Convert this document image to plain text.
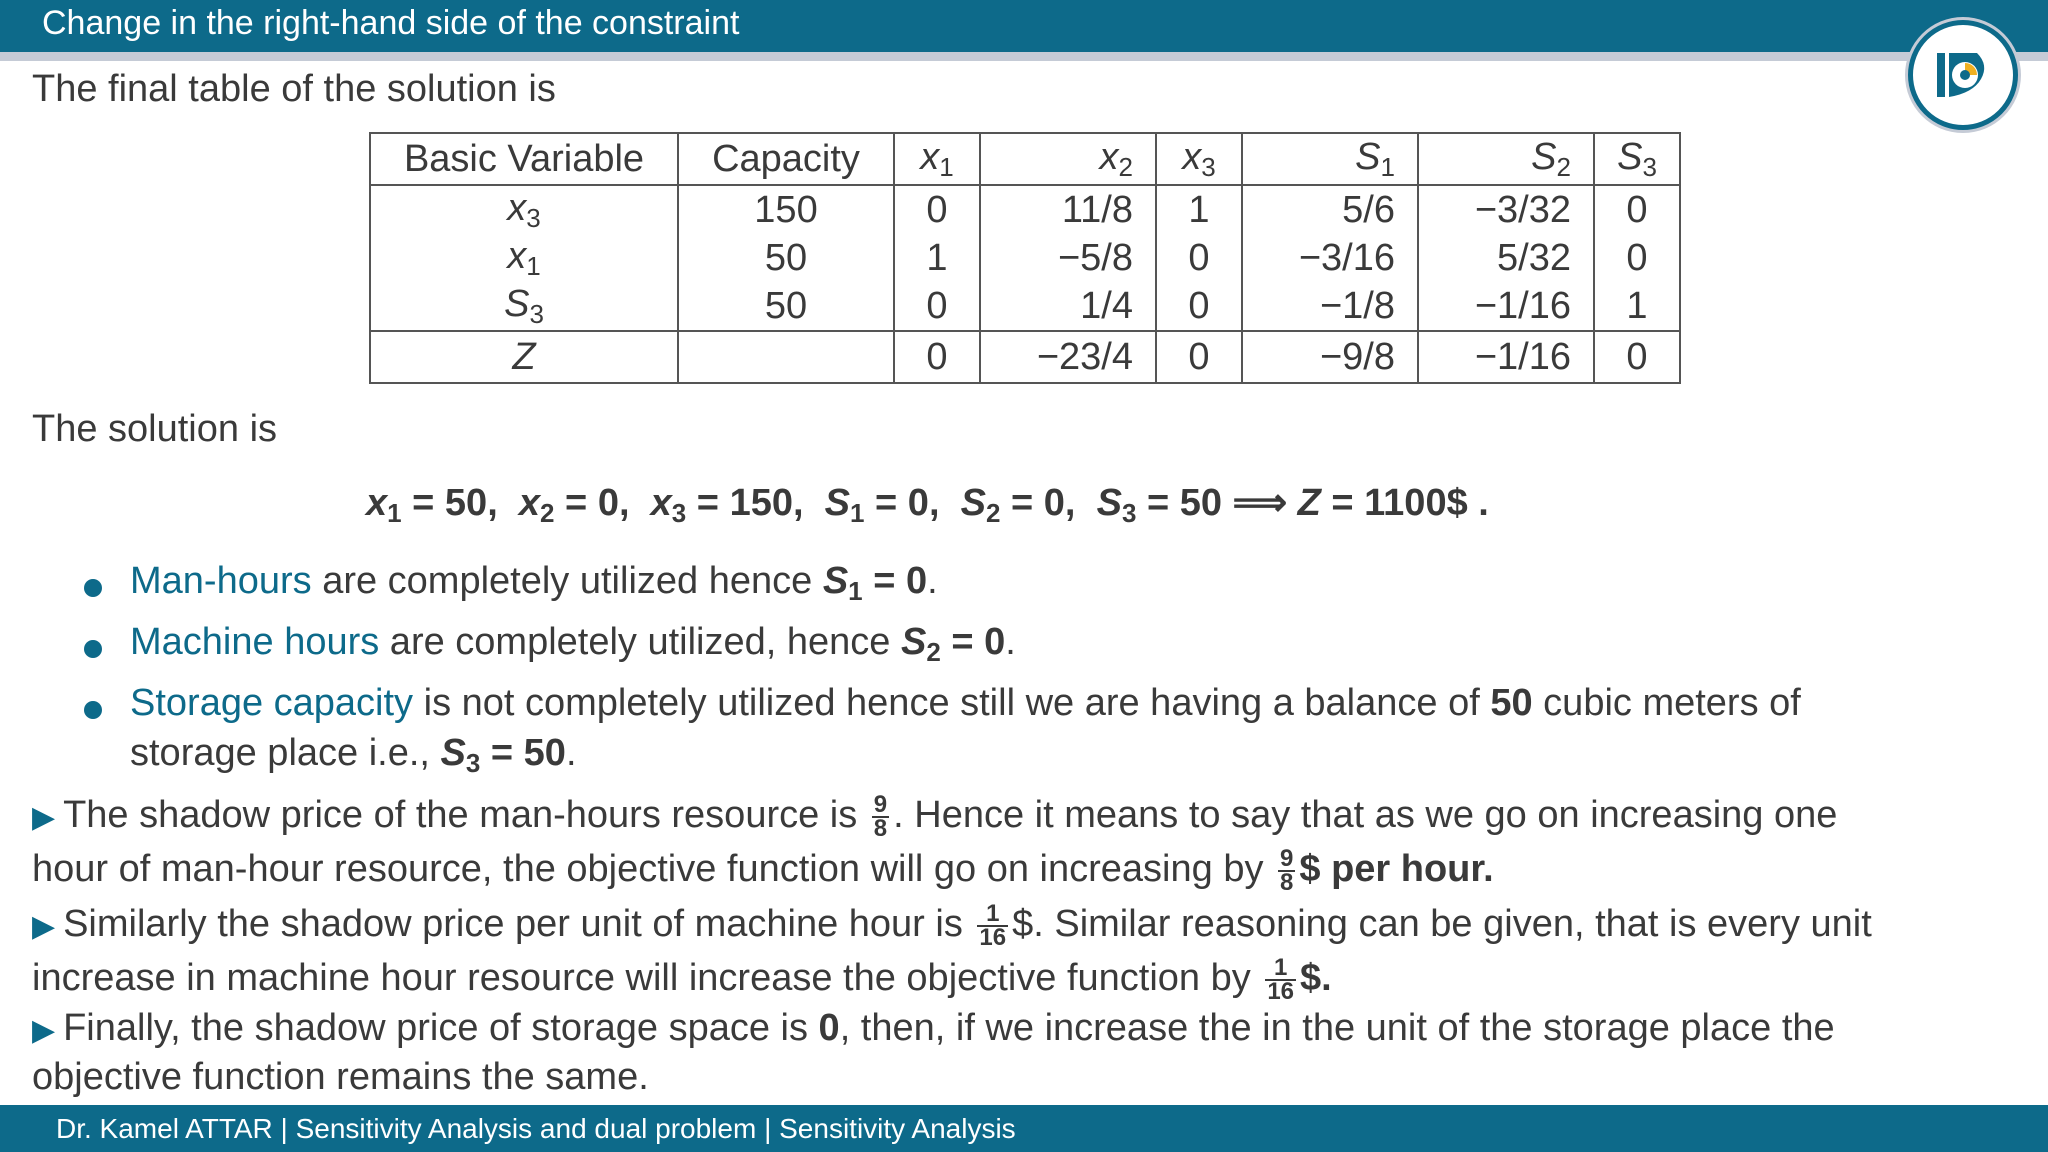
Change in the right-hand side of the constraint
The final table of the solution is
Basic Variable	Capacity	$x_1$	$x_2$	$x_3$	$S_1$	$S_2$	$S_3$
$x_3$	150	0	11/8	1	5/6	−3/32	0
$x_1$	50	1	−5/8	0	−3/16	5/32	0
$S_3$	50	0	1/4	0	−1/8	−1/16	1
Z		0	−23/4	0	−9/8	−1/16	0
The solution is
$x_1 = 50$,  $x_2 = 0$,  $x_3 = 150$,  $S_1 = 0$,  $S_2 = 0$,  $S_3 = 50$ ⟹ Z = 1100$ .
Man-hours are completely utilized hence $S_1 = 0$.
Machine hours are completely utilized, hence $S_2 = 0$.
Storage capacity is not completely utilized hence still we are having a balance of 50 cubic meters of
storage place i.e., $S_3 = 50$.
▶ The shadow price of the man-hours resource is $\frac{9}{8}$ . Hence it means to say that as we go on increasing one
hour of man-hour resource, the objective function will go on increasing by $\frac{9}{8}$ $ per hour.
▶ Similarly the shadow price per unit of machine hour is $\frac{1}{16}$ $. Similar reasoning can be given, that is every unit
increase in machine hour resource will increase the objective function by $\frac{1}{16}$ $.
▶ Finally, the shadow price of storage space is 0, then, if we increase the in the unit of the storage place the
objective function remains the same.
Dr. Kamel ATTAR | Sensitivity Analysis and dual problem | Sensitivity Analysis
